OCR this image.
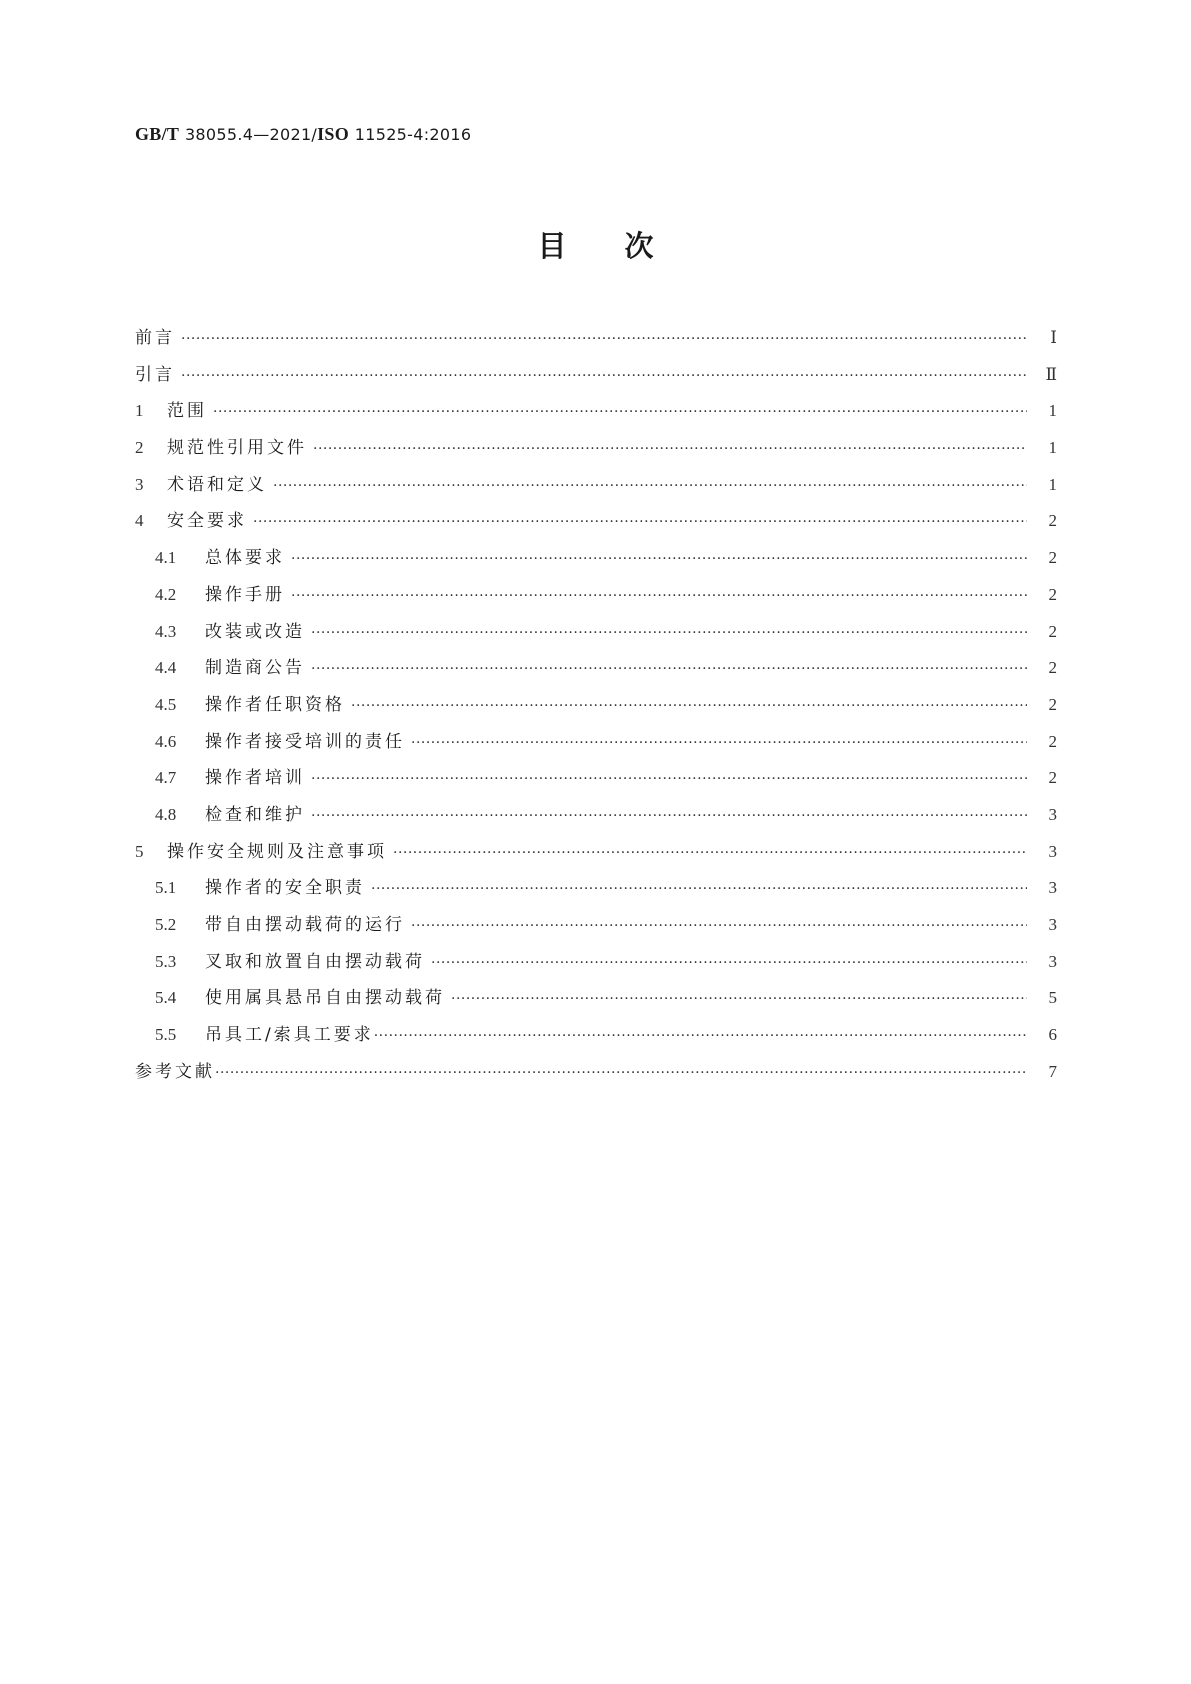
GB/T 38055.4—2021/ISO 11525-4:2016
目次
前言 ·····	Ⅰ
引言 ·····	Ⅱ
1	范围 ·····	1
2	规范性引用文件 ·····	1
3	术语和定义 ·····	1
4	安全要求 ·····	2
4.1	总体要求 ·····	2
4.2	操作手册 ·····	2
4.3	改装或改造 ·····	2
4.4	制造商公告 ·····	2
4.5	操作者任职资格 ·····	2
4.6	操作者接受培训的责任 ·····	2
4.7	操作者培训 ·····	2
4.8	检查和维护 ·····	3
5	操作安全规则及注意事项 ·····	3
5.1	操作者的安全职责 ·····	3
5.2	带自由摆动载荷的运行 ·····	3
5.3	叉取和放置自由摆动载荷 ·····	3
5.4	使用属具悬吊自由摆动载荷 ·····	5
5.5	吊具工/索具工要求 ·····	6
参考文献 ·····	7
